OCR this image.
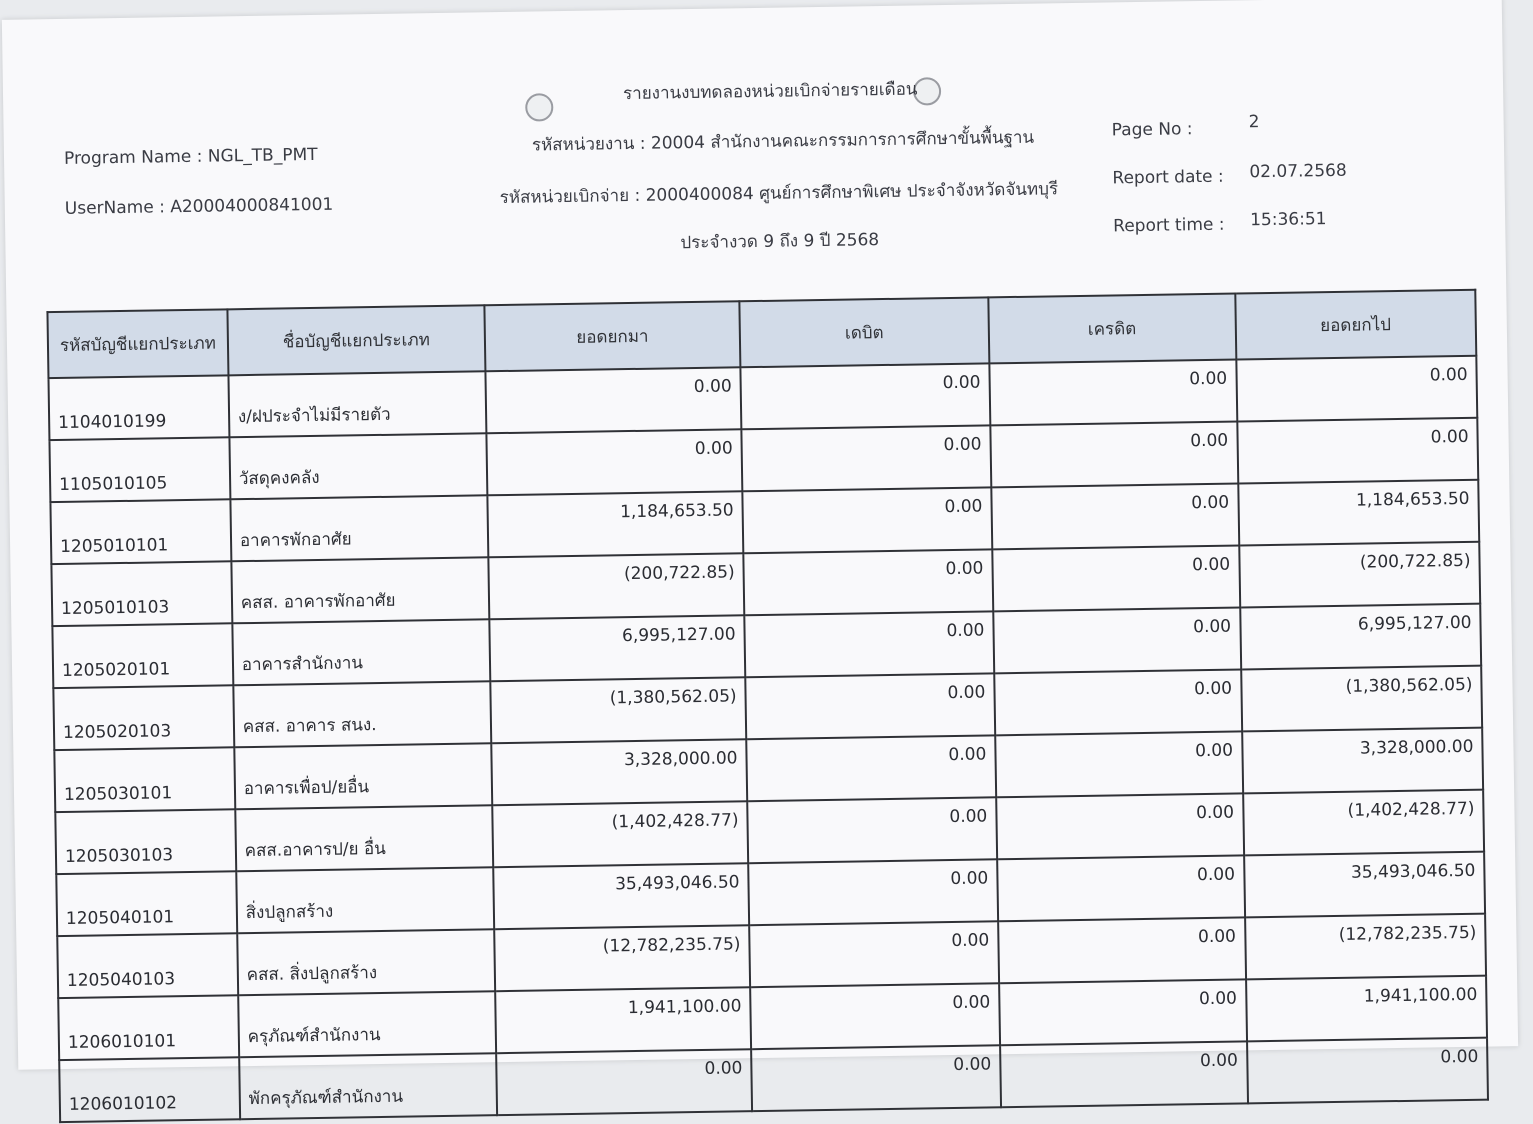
รายงานงบทดลองหน่วยเบิกจ่ายรายเดือน
Program Name : NGL_TB_PMT
UserName : A20004000841001
รหัสหน่วยงาน : 20004 สำนักงานคณะกรรมการการศึกษาขั้นพื้นฐาน
รหัสหน่วยเบิกจ่าย : 2000400084 ศูนย์การศึกษาพิเศษ ประจำจังหวัดจันทบุรี
ประจำงวด 9 ถึง 9 ปี 2568
Page No :	2
Report date : 02.07.2568
Report time : 15:36:51
รหัสบัญชีแยกประเภท	ชื่อบัญชีแยกประเภท	ยอดยกมา	เดบิต	เครดิต	ยอดยกไป
1104010199	ง/ฝประจำไม่มีรายตัว	0.00	0.00	0.00	0.00
1105010105	วัสดุคงคลัง	0.00	0.00	0.00	0.00
1205010101	อาคารพักอาศัย	1,184,653.50	0.00	0.00	1,184,653.50
1205010103	คสส. อาคารพักอาศัย	(200,722.85)	0.00	0.00	(200,722.85)
1205020101	อาคารสำนักงาน	6,995,127.00	0.00	0.00	6,995,127.00
1205020103	คสส. อาคาร สนง.	(1,380,562.05)	0.00	0.00	(1,380,562.05)
1205030101	อาคารเพื่อป/ยอื่น	3,328,000.00	0.00	0.00	3,328,000.00
1205030103	คสส.อาคารป/ย อื่น	(1,402,428.77)	0.00	0.00	(1,402,428.77)
1205040101	สิ่งปลูกสร้าง	35,493,046.50	0.00	0.00	35,493,046.50
1205040103	คสส. สิ่งปลูกสร้าง	(12,782,235.75)	0.00	0.00	(12,782,235.75)
1206010101	ครุภัณฑ์สำนักงาน	1,941,100.00	0.00	0.00	1,941,100.00
1206010102	พักครุภัณฑ์สำนักงาน	0.00	0.00	0.00	0.00
